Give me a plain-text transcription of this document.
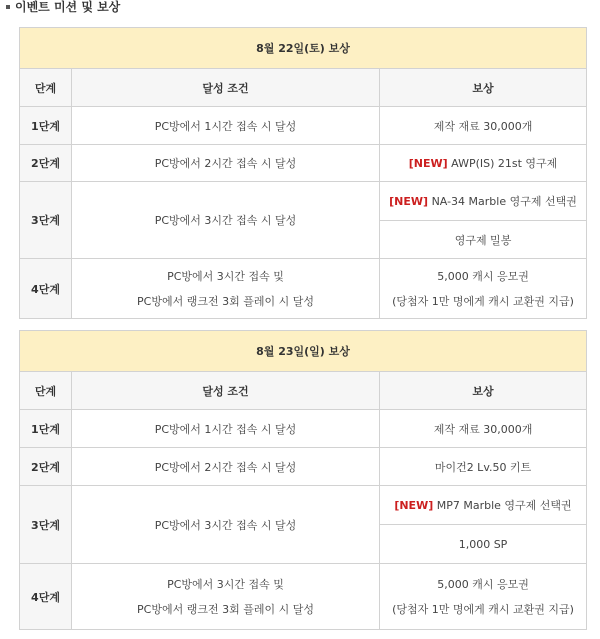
이벤트 미션 및 보상
8월 22일(토) 보상		
단계	달성 조건	보상
1단계	PC방에서 1시간 접속 시 달성	제작 재료 30,000개
2단계	PC방에서 2시간 접속 시 달성	[NEW] AWP(IS) 21st 영구제
3단계	PC방에서 3시간 접속 시 달성	[NEW] NA-34 Marble 영구제 선택권
		영구제 밀봉
4단계	PC방에서 3시간 접속 및
PC방에서 랭크전 3회 플레이 시 달성	5,000 캐시 응모권
(당첨자 1만 명에게 캐시 교환권 지급)
8월 23일(일) 보상		
단계	달성 조건	보상
1단계	PC방에서 1시간 접속 시 달성	제작 재료 30,000개
2단계	PC방에서 2시간 접속 시 달성	마이건2 Lv.50 키트
3단계	PC방에서 3시간 접속 시 달성	[NEW] MP7 Marble 영구제 선택권
		1,000 SP
4단계	PC방에서 3시간 접속 및
PC방에서 랭크전 3회 플레이 시 달성	5,000 캐시 응모권
(당첨자 1만 명에게 캐시 교환권 지급)
